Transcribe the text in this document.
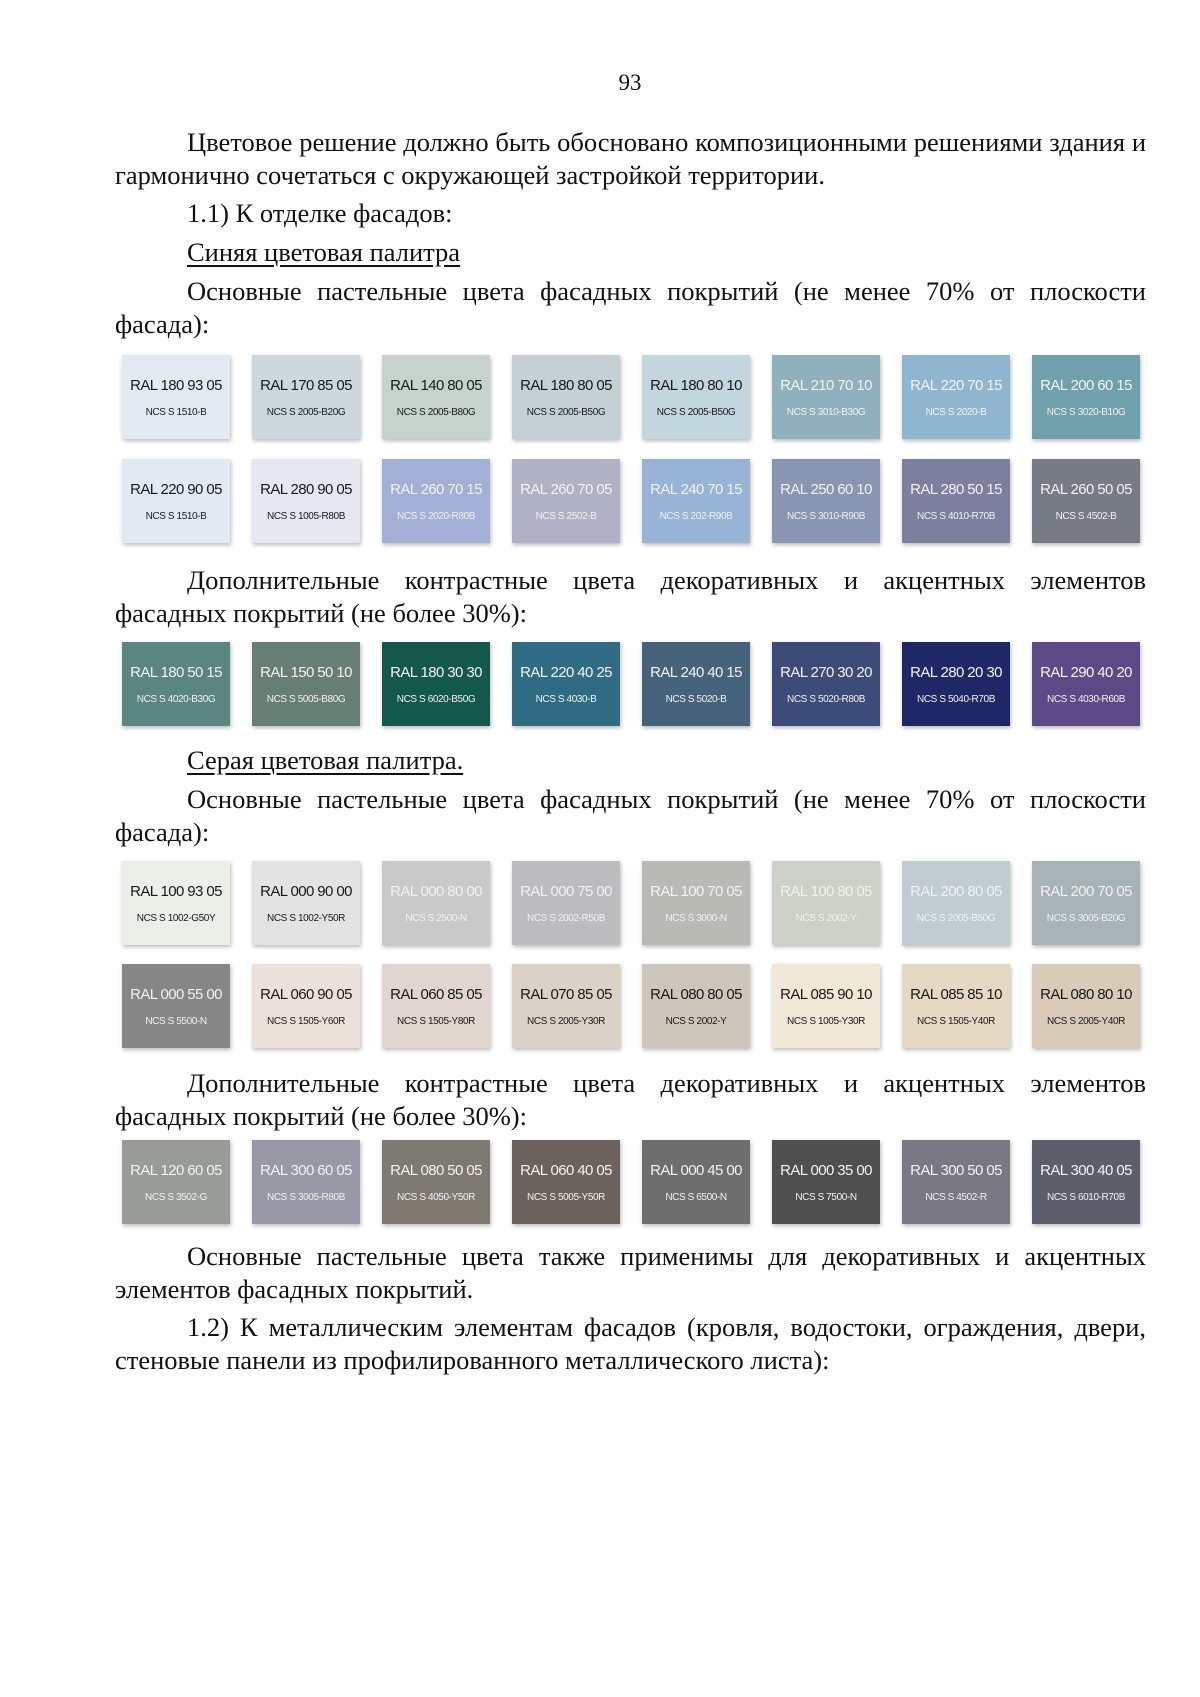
93

Цветовое решение должно быть обосновано композиционными решениями здания и гармонично сочетаться с окружающей застройкой территории.

1.1) К отделке фасадов:
Синяя цветовая палитра

Основные пастельные цвета фасадных покрытий (не менее 70% от плоскости фасада):

RAL 180 93 05
NCS S 1510-B
RAL 170 85 05
NCS S 2005-B20G
RAL 140 80 05
NCS S 2005-B80G
RAL 180 80 05
NCS S 2005-B50G
RAL 180 80 10
NCS S 2005-B50G
RAL 210 70 10
NCS S 3010-B30G
RAL 220 70 15
NCS S 2020-B
RAL 200 60 15
NCS S 3020-B10G
RAL 220 90 05
NCS S 1510-B
RAL 280 90 05
NCS S 1005-R80B
RAL 260 70 15
NCS S 2020-R80B
RAL 260 70 05
NCS S 2502-B
RAL 240 70 15
NCS S 202-R90B
RAL 250 60 10
NCS S 3010-R90B
RAL 280 50 15
NCS S 4010-R70B
RAL 260 50 05
NCS S 4502-B

Дополнительные контрастные цвета декоративных и акцентных элементов фасадных покрытий (не более 30%):

RAL 180 50 15
NCS S 4020-B30G
RAL 150 50 10
NCS S 5005-B80G
RAL 180 30 30
NCS S 6020-B50G
RAL 220 40 25
NCS S 4030-B
RAL 240 40 15
NCS S 5020-B
RAL 270 30 20
NCS S 5020-R80B
RAL 280 20 30
NCS S 5040-R70B
RAL 290 40 20
NCS S 4030-R60B
Серая цветовая палитра.

Основные пастельные цвета фасадных покрытий (не менее 70% от плоскости фасада):

RAL 100 93 05
NCS S 1002-G50Y
RAL 000 90 00
NCS S 1002-Y50R
RAL 000 80 00
NCS S 2500-N
RAL 000 75 00
NCS S 2002-R50B
RAL 100 70 05
NCS S 3000-N
RAL 100 80 05
NCS S 2002-Y
RAL 200 80 05
NCS S 2005-B50G
RAL 200 70 05
NCS S 3005-B20G
RAL 000 55 00
NCS S 5500-N
RAL 060 90 05
NCS S 1505-Y60R
RAL 060 85 05
NCS S 1505-Y80R
RAL 070 85 05
NCS S 2005-Y30R
RAL 080 80 05
NCS S 2002-Y
RAL 085 90 10
NCS S 1005-Y30R
RAL 085 85 10
NCS S 1505-Y40R
RAL 080 80 10
NCS S 2005-Y40R

Дополнительные контрастные цвета декоративных и акцентных элементов фасадных покрытий (не более 30%):

RAL 120 60 05
NCS S 3502-G
RAL 300 60 05
NCS S 3005-R80B
RAL 080 50 05
NCS S 4050-Y50R
RAL 060 40 05
NCS S 5005-Y50R
RAL 000 45 00
NCS S 6500-N
RAL 000 35 00
NCS S 7500-N
RAL 300 50 05
NCS S 4502-R
RAL 300 40 05
NCS S 6010-R70B

Основные пастельные цвета также применимы для декоративных и акцентных элементов фасадных покрытий.

1.2) К металлическим элементам фасадов (кровля, водостоки, ограждения, двери, стеновые панели из профилированного металлического листа):
